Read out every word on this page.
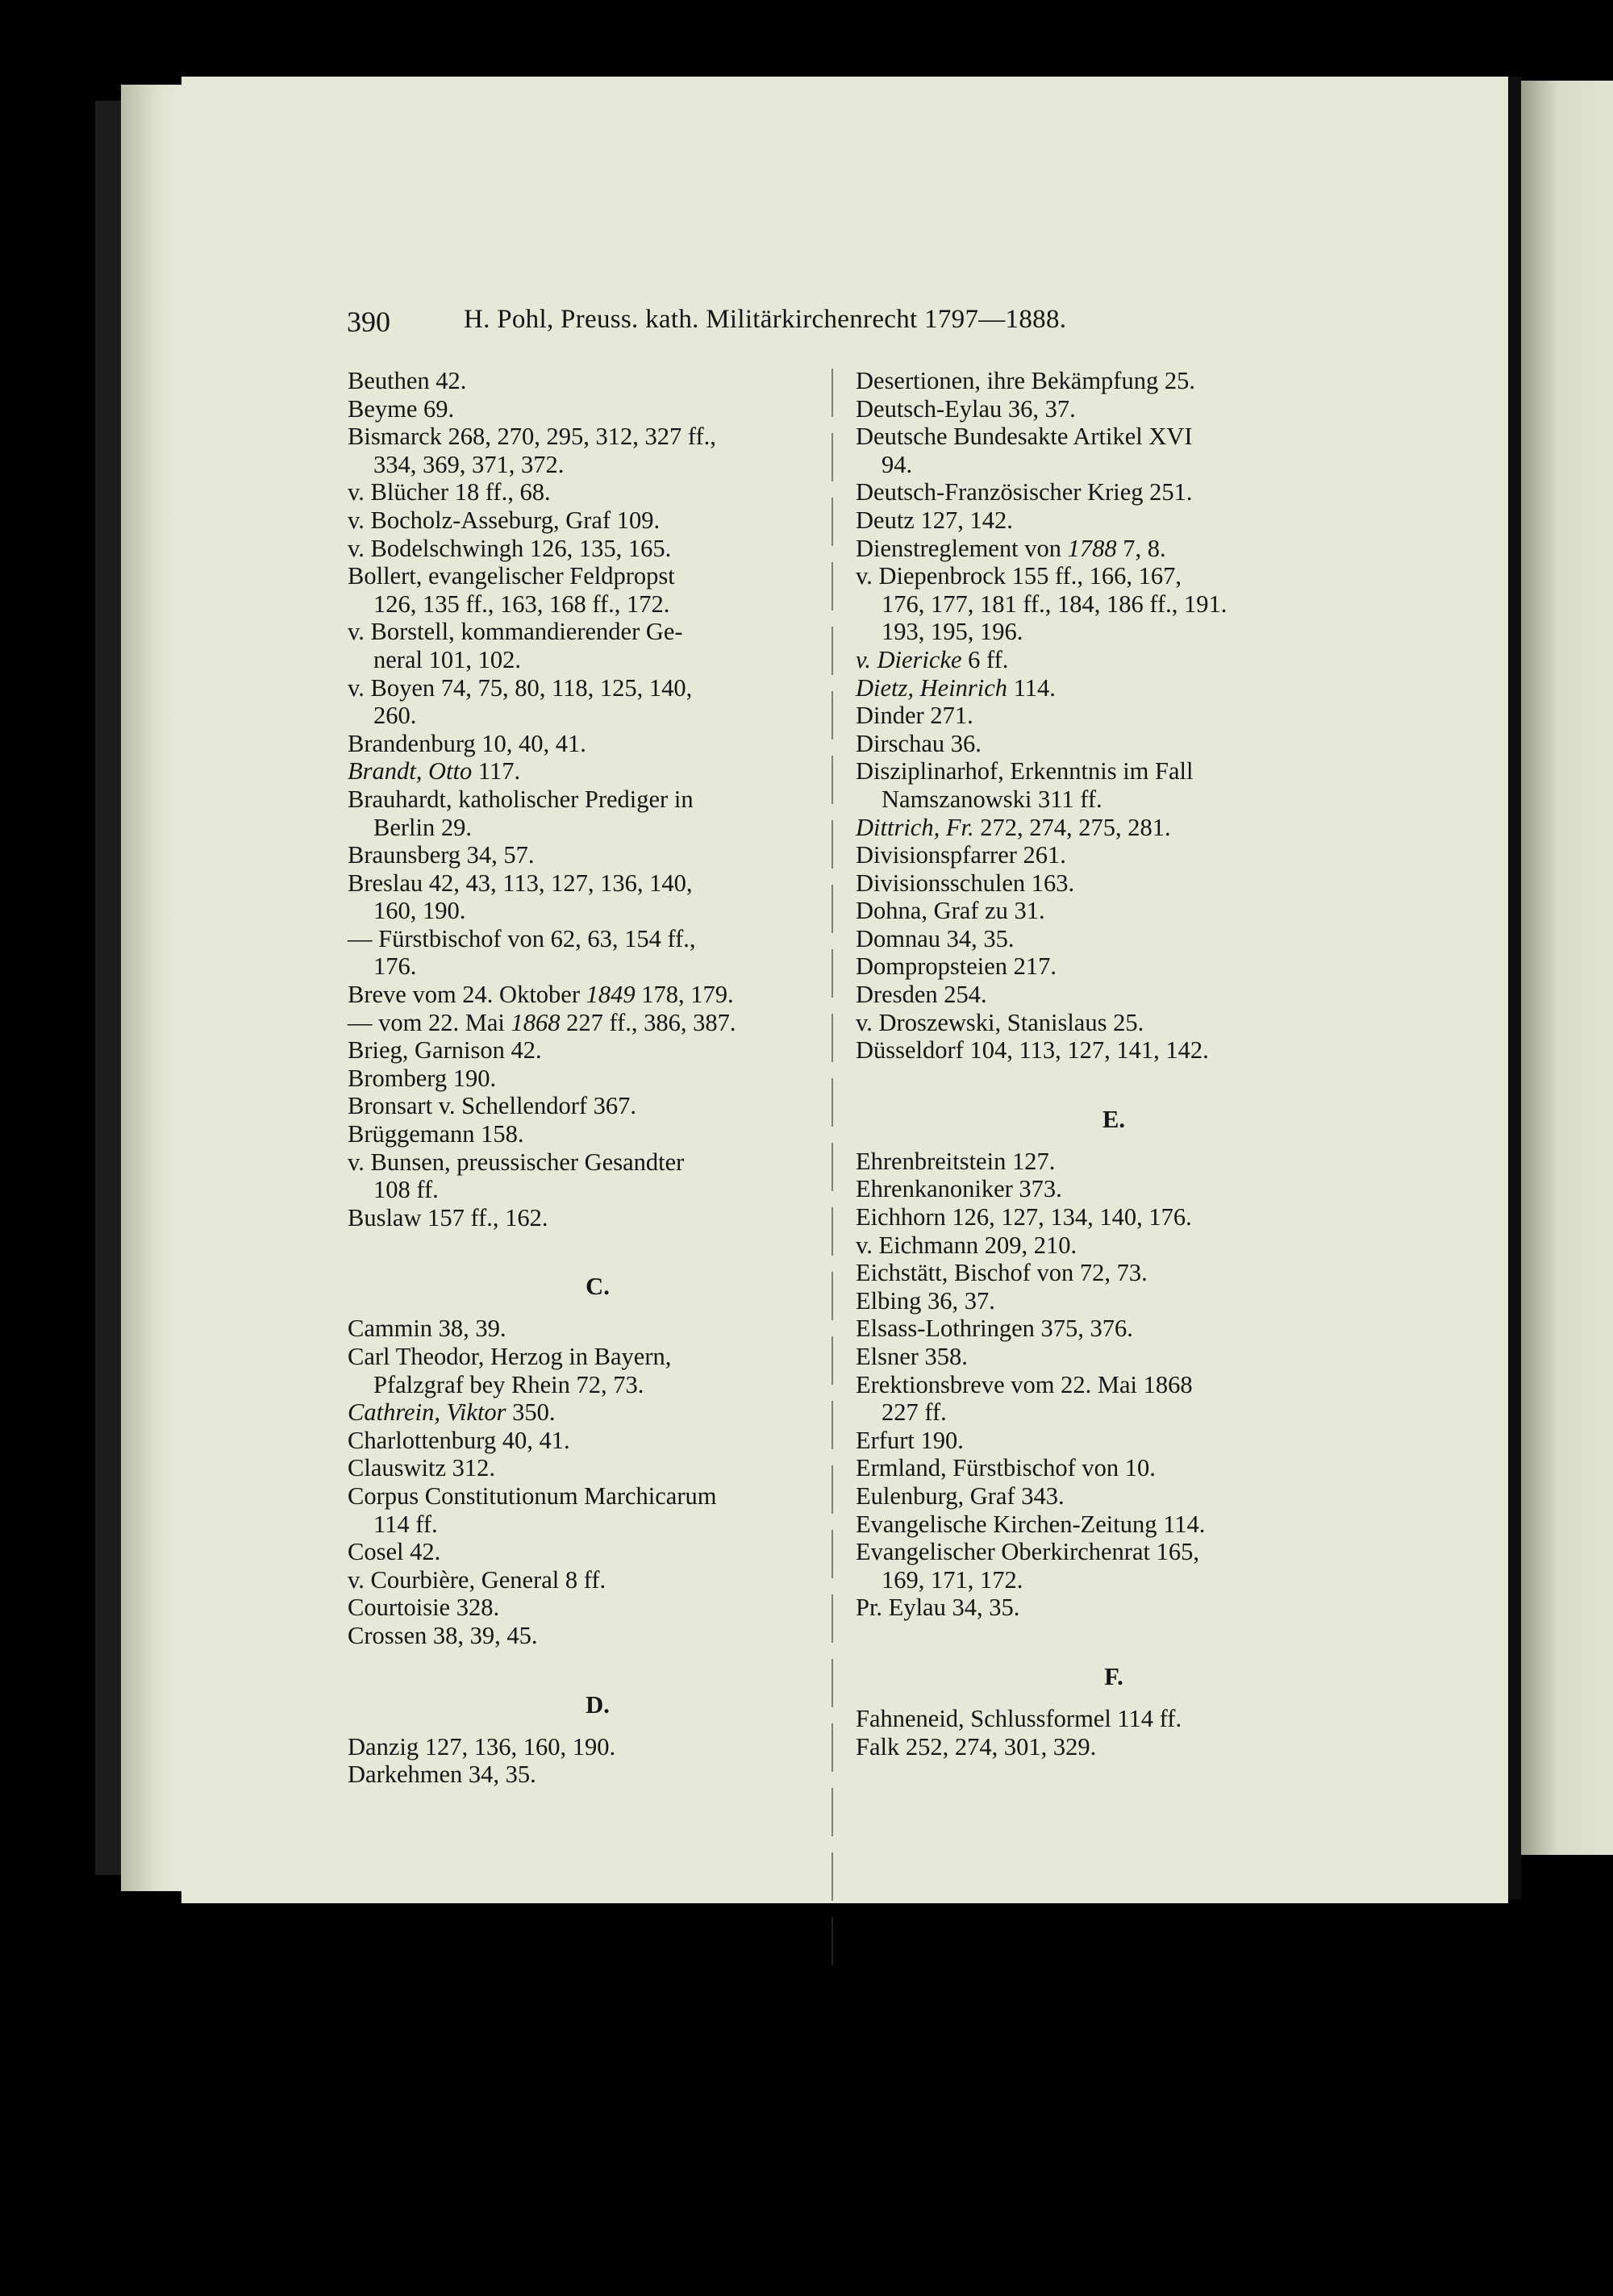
390	H. Pohl, Preuss. kath. Militärkirchenrecht 1797—1888.
Beuthen 42.
Beyme 69.
Bismarck 268, 270, 295, 312, 327 ff.,
334, 369, 371, 372.
v. Blücher 18 ff., 68.
v. Bocholz-Asseburg, Graf 109.
v. Bodelschwingh 126, 135, 165.
Bollert, evangelischer Feldpropst
126, 135 ff., 163, 168 ff., 172.
v. Borstell, kommandierender Ge-
neral 101, 102.
v. Boyen 74, 75, 80, 118, 125, 140,
260.
Brandenburg 10, 40, 41.
Brandt, Otto 117.
Brauhardt, katholischer Prediger in
Berlin 29.
Braunsberg 34, 57.
Breslau 42, 43, 113, 127, 136, 140,
160, 190.
— Fürstbischof von 62, 63, 154 ff.,
176.
Breve vom 24. Oktober 1849 178, 179.
— vom 22. Mai 1868 227 ff., 386, 387.
Brieg, Garnison 42.
Bromberg 190.
Bronsart v. Schellendorf 367.
Brüggemann 158.
v. Bunsen, preussischer Gesandter
108 ff.
Buslaw 157 ff., 162.
C.
Cammin 38, 39.
Carl Theodor, Herzog in Bayern,
Pfalzgraf bey Rhein 72, 73.
Cathrein, Viktor 350.
Charlottenburg 40, 41.
Clauswitz 312.
Corpus Constitutionum Marchicarum
114 ff.
Cosel 42.
v. Courbière, General 8 ff.
Courtoisie 328.
Crossen 38, 39, 45.
D.
Danzig 127, 136, 160, 190.
Darkehmen 34, 35.
Desertionen, ihre Bekämpfung 25.
Deutsch-Eylau 36, 37.
Deutsche Bundesakte Artikel XVI
94.
Deutsch-Französischer Krieg 251.
Deutz 127, 142.
Dienstreglement von 1788 7, 8.
v. Diepenbrock 155 ff., 166, 167,
176, 177, 181 ff., 184, 186 ff., 191.
193, 195, 196.
v. Diericke 6 ff.
Dietz, Heinrich 114.
Dinder 271.
Dirschau 36.
Disziplinarhof, Erkenntnis im Fall
Namszanowski 311 ff.
Dittrich, Fr. 272, 274, 275, 281.
Divisionspfarrer 261.
Divisionsschulen 163.
Dohna, Graf zu 31.
Domnau 34, 35.
Dompropsteien 217.
Dresden 254.
v. Droszewski, Stanislaus 25.
Düsseldorf 104, 113, 127, 141, 142.
E.
Ehrenbreitstein 127.
Ehrenkanoniker 373.
Eichhorn 126, 127, 134, 140, 176.
v. Eichmann 209, 210.
Eichstätt, Bischof von 72, 73.
Elbing 36, 37.
Elsass-Lothringen 375, 376.
Elsner 358.
Erektionsbreve vom 22. Mai 1868
227 ff.
Erfurt 190.
Ermland, Fürstbischof von 10.
Eulenburg, Graf 343.
Evangelische Kirchen-Zeitung 114.
Evangelischer Oberkirchenrat 165,
169, 171, 172.
Pr. Eylau 34, 35.
F.
Fahneneid, Schlussformel 114 ff.
Falk 252, 274, 301, 329.
